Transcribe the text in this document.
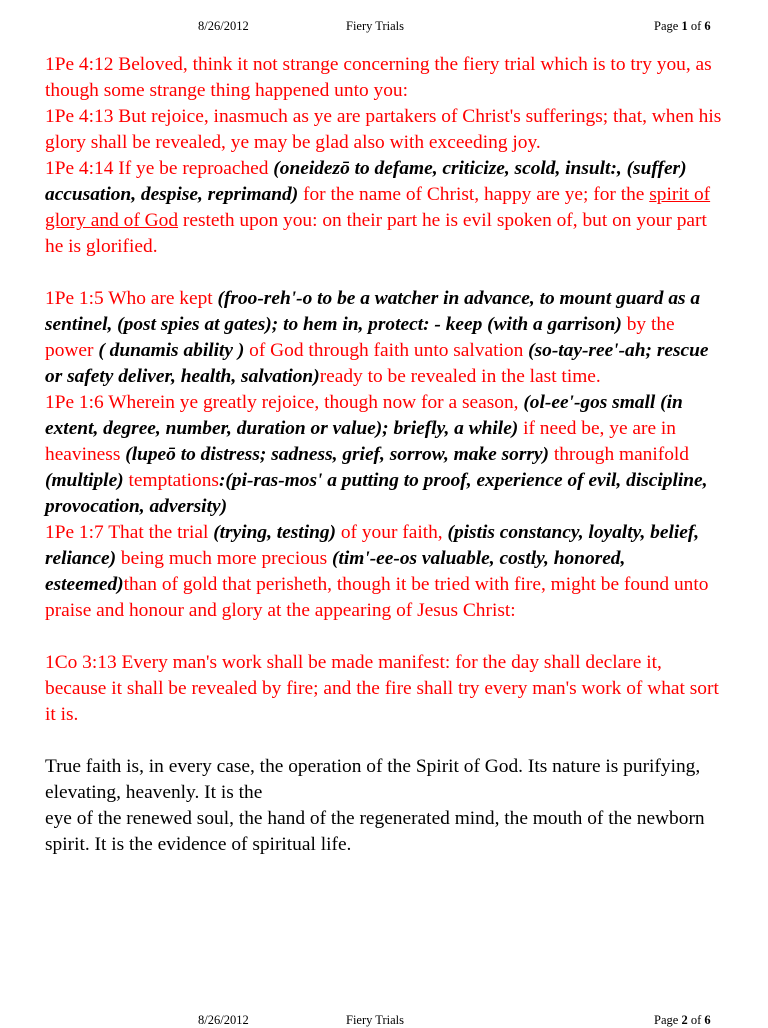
8/26/2012	Fiery Trials	Page 1 of 6

1Pe 4:12 Beloved, think it not strange concerning the fiery trial which is to try you, as though some strange thing happened unto you:

1Pe 4:13 But rejoice, inasmuch as ye are partakers of Christ's sufferings; that, when his glory shall be revealed, ye may be glad also with exceeding joy.

1Pe 4:14 If ye be reproached (oneidezō to defame, criticize, scold, insult:, (suffer) accusation, despise, reprimand) for the name of Christ, happy are ye; for the spirit of glory and of God resteth upon you: on their part he is evil spoken of, but on your part he is glorified.

1Pe 1:5 Who are kept (froo-reh'-o to be a watcher in advance, to mount guard as a sentinel, (post spies at gates); to hem in, protect: - keep (with a garrison) by the power ( dunamis ability ) of God through faith unto salvation (so-tay-ree'-ah; rescue or safety deliver, health, salvation)ready to be revealed in the last time.

1Pe 1:6 Wherein ye greatly rejoice, though now for a season, (ol-ee'-gos small (in extent, degree, number, duration or value); briefly, a while) if need be, ye are in heaviness (lupeō to distress; sadness, grief, sorrow, make sorry) through manifold (multiple) temptations:(pi-ras-mos' a putting to proof, experience of evil, discipline, provocation, adversity)

1Pe 1:7 That the trial (trying, testing) of your faith, (pistis constancy, loyalty, belief, reliance) being much more precious (tim'-ee-os valuable, costly, honored, esteemed)than of gold that perisheth, though it be tried with fire, might be found unto praise and honour and glory at the appearing of Jesus Christ:

1Co 3:13 Every man's work shall be made manifest: for the day shall declare it, because it shall be revealed by fire; and the fire shall try every man's work of what sort it is.

True faith is, in every case, the operation of the Spirit of God. Its nature is purifying, elevating, heavenly. It is the

eye of the renewed soul, the hand of the regenerated mind, the mouth of the newborn spirit. It is the evidence of spiritual life.

8/26/2012	Fiery Trials	Page 2 of 6
